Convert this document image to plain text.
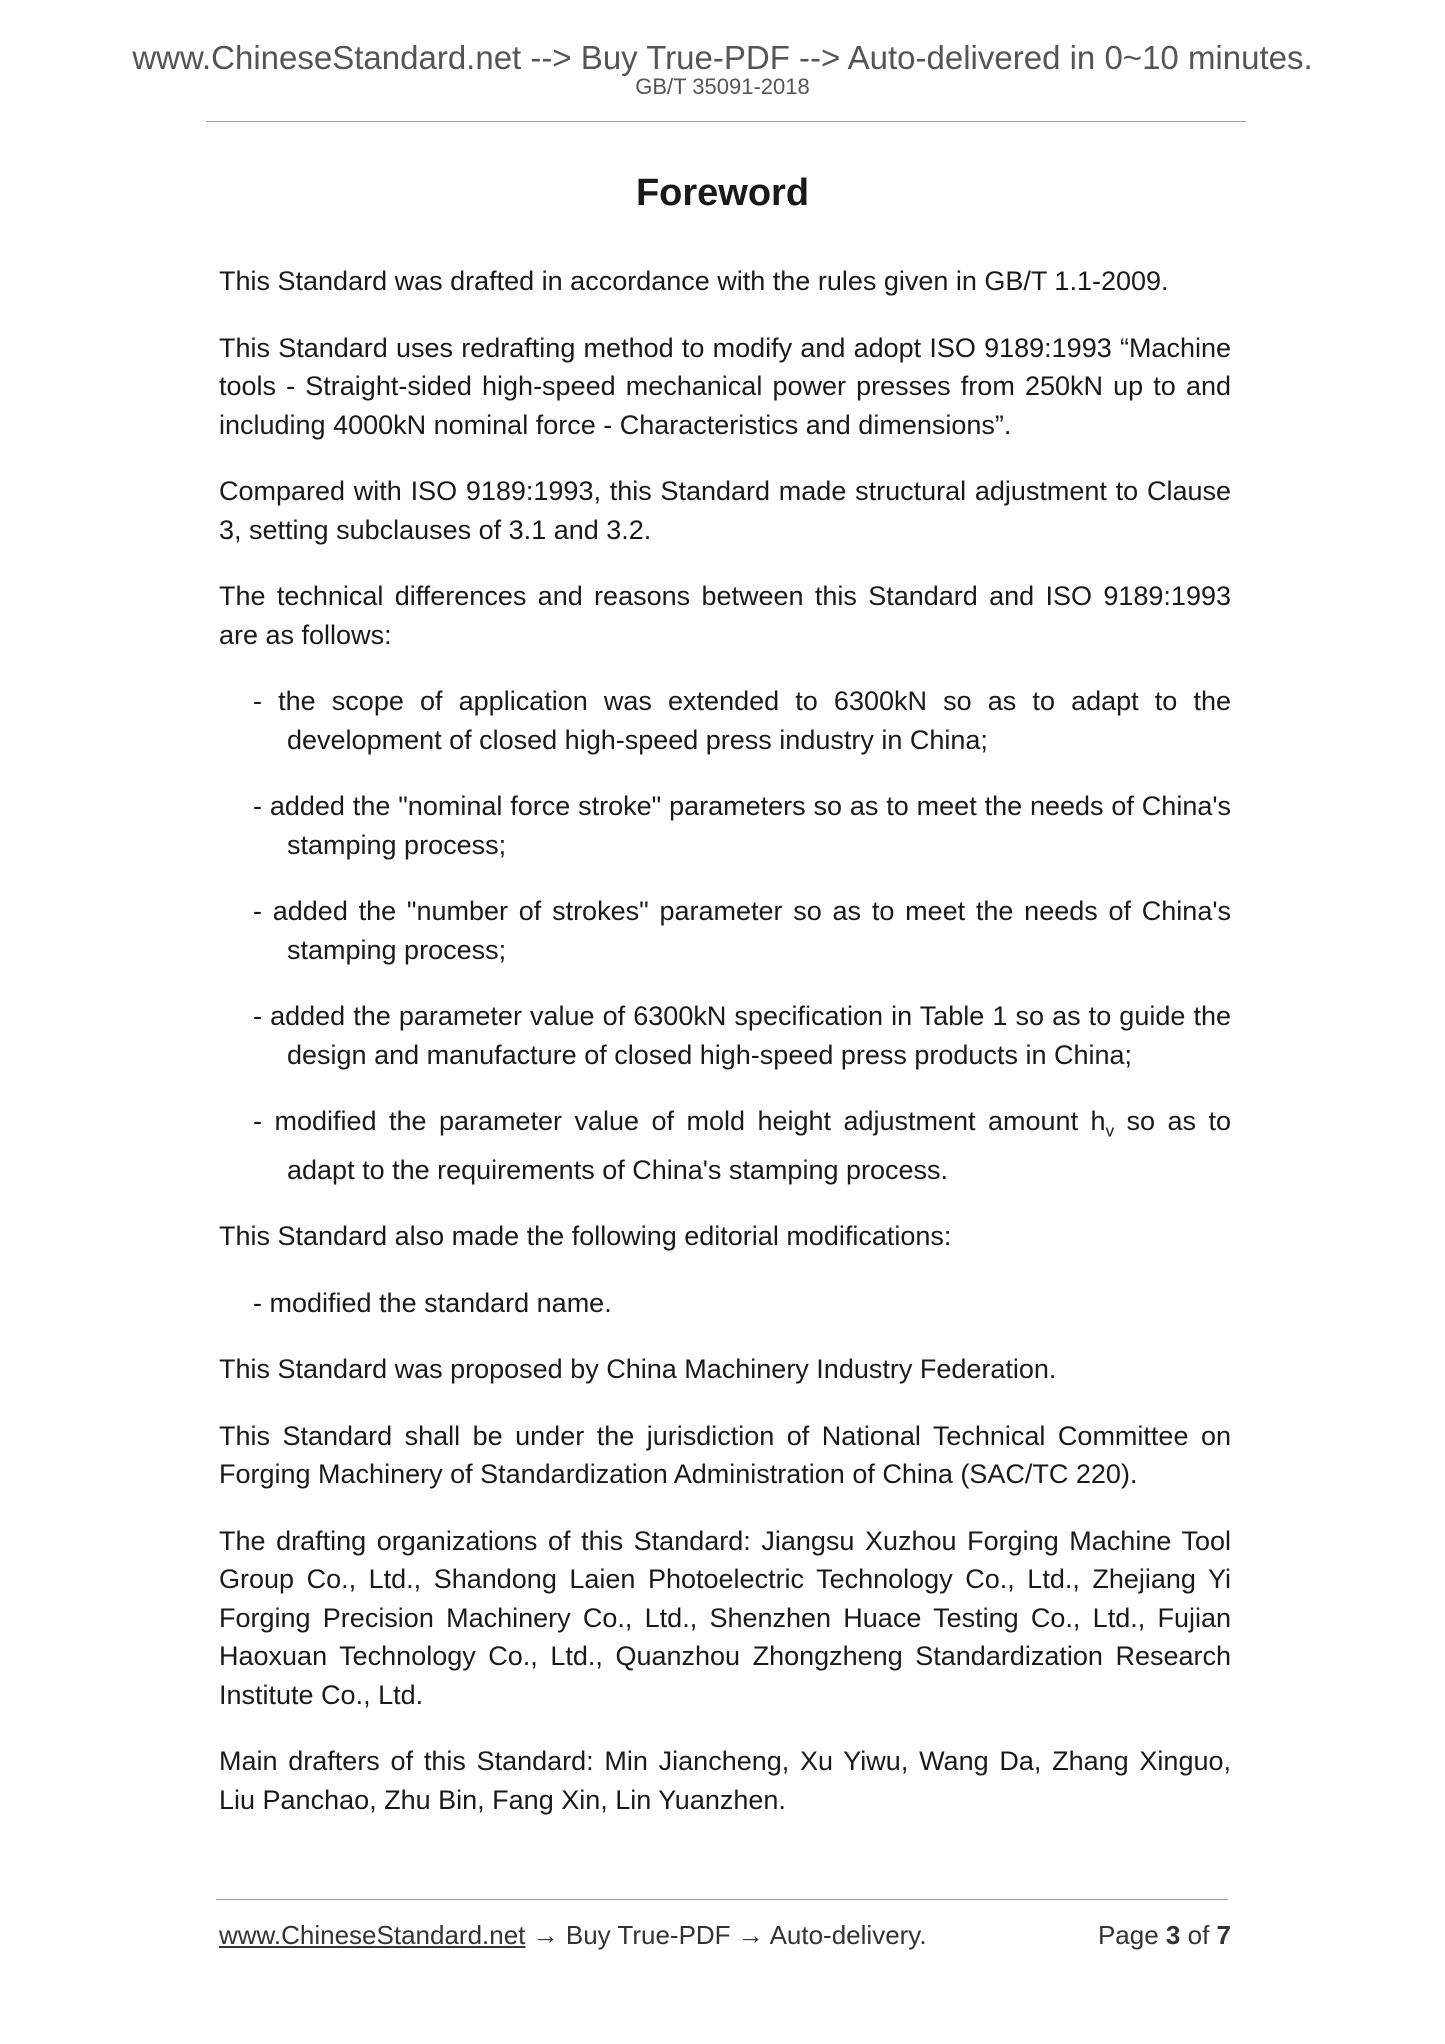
www.ChineseStandard.net --> Buy True-PDF --> Auto-delivered in 0~10 minutes.
GB/T 35091-2018
Foreword

This Standard was drafted in accordance with the rules given in GB/T 1.1-2009.

This Standard uses redrafting method to modify and adopt ISO 9189:1993 “Machine tools - Straight-sided high-speed mechanical power presses from 250kN up to and including 4000kN nominal force - Characteristics and dimensions”.

Compared with ISO 9189:1993, this Standard made structural adjustment to Clause 3, setting subclauses of 3.1 and 3.2.

The technical differences and reasons between this Standard and ISO 9189:1993 are as follows:

- the scope of application was extended to 6300kN so as to adapt to the development of closed high-speed press industry in China;

- added the "nominal force stroke" parameters so as to meet the needs of China's stamping process;

- added the "number of strokes" parameter so as to meet the needs of China's stamping process;

- added the parameter value of 6300kN specification in Table 1 so as to guide the design and manufacture of closed high-speed press products in China;

- modified the parameter value of mold height adjustment amount $h_v$ so as to adapt to the requirements of China's stamping process.

This Standard also made the following editorial modifications:

- modified the standard name.

This Standard was proposed by China Machinery Industry Federation.

This Standard shall be under the jurisdiction of National Technical Committee on Forging Machinery of Standardization Administration of China (SAC/TC 220).

The drafting organizations of this Standard: Jiangsu Xuzhou Forging Machine Tool Group Co., Ltd., Shandong Laien Photoelectric Technology Co., Ltd., Zhejiang Yi Forging Precision Machinery Co., Ltd., Shenzhen Huace Testing Co., Ltd., Fujian Haoxuan Technology Co., Ltd., Quanzhou Zhongzheng Standardization Research Institute Co., Ltd.

Main drafters of this Standard: Min Jiancheng, Xu Yiwu, Wang Da, Zhang Xinguo, Liu Panchao, Zhu Bin, Fang Xin, Lin Yuanzhen.

www.ChineseStandard.net → Buy True-PDF → Auto-delivery.	Page 3 of 7
